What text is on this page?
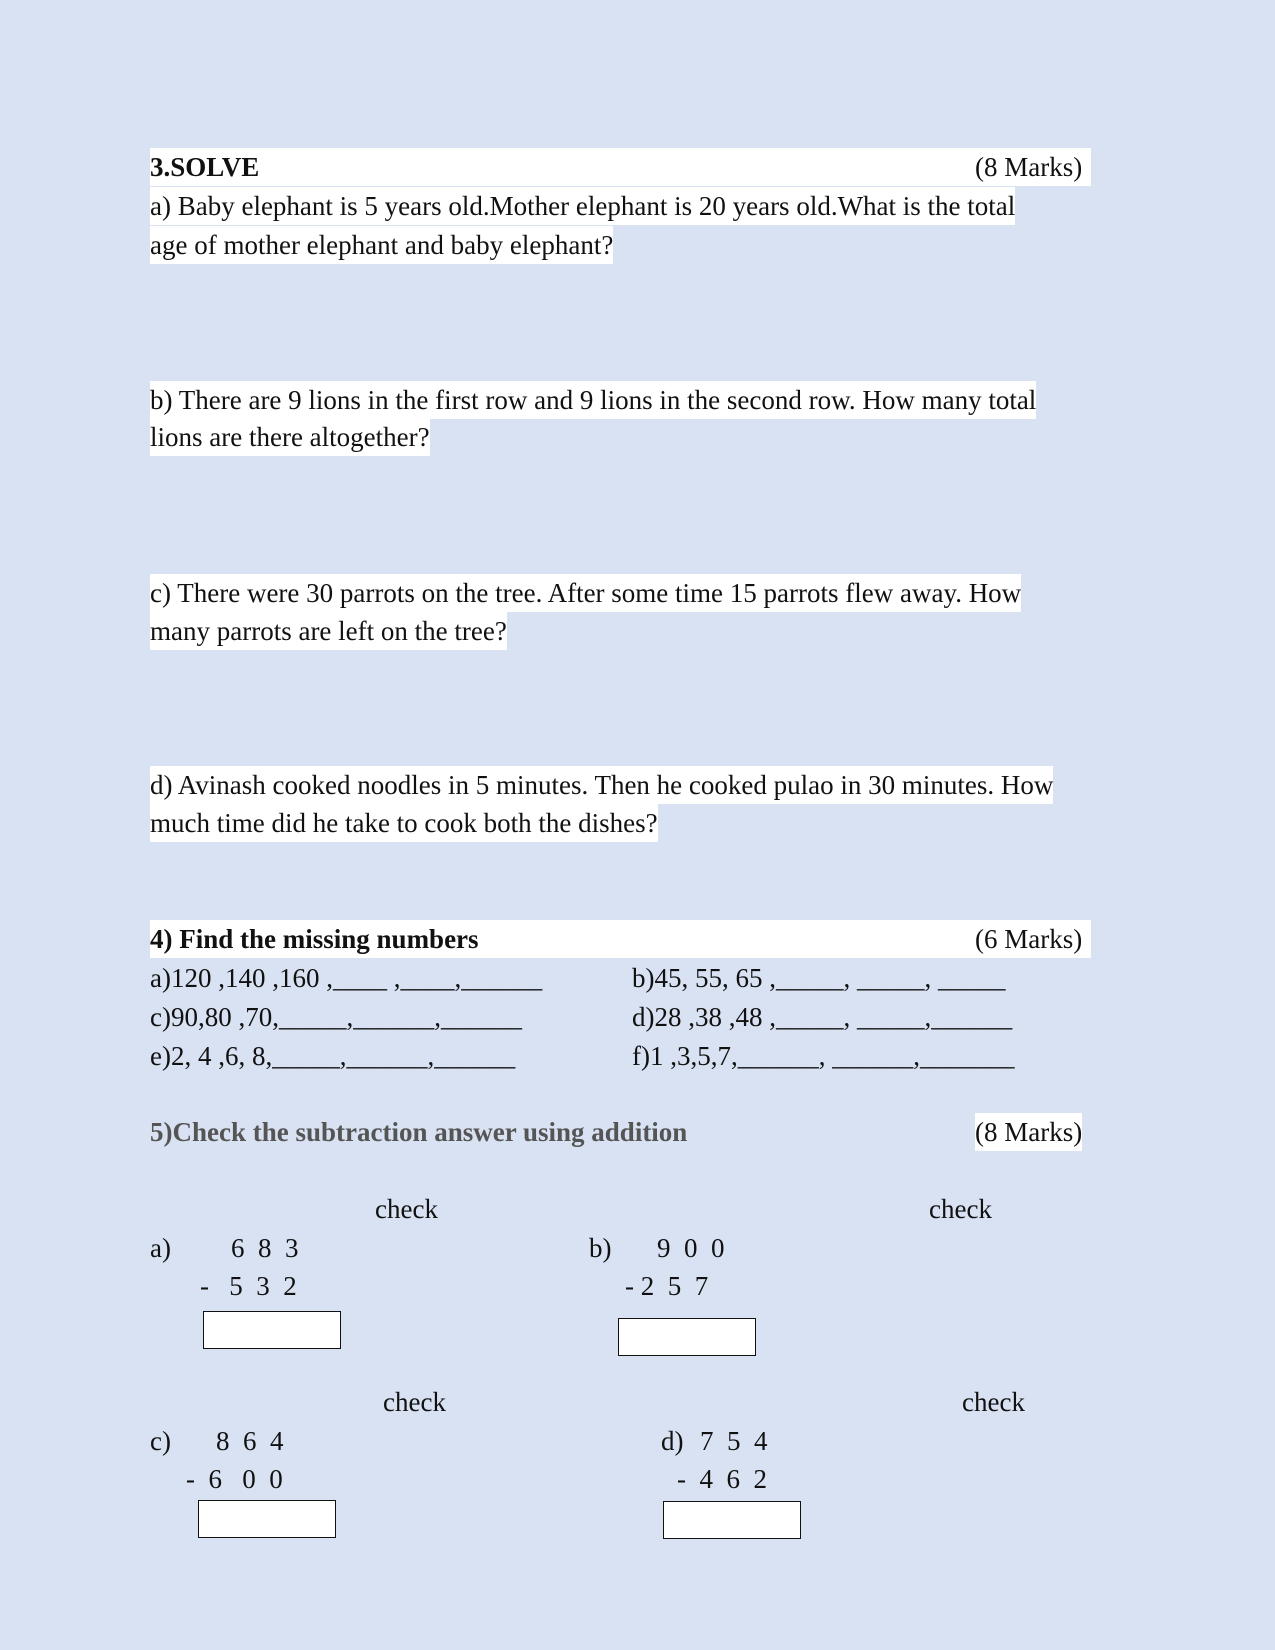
3.SOLVE	(8 Marks)
a) Baby elephant is 5 years old.Mother elephant is 20 years old.What is the total
age of mother elephant and baby elephant?
b) There are 9 lions in the first row and 9 lions in the second row. How many total
lions are there altogether?
c) There were 30 parrots on the tree. After some time 15 parrots flew away. How
many parrots are left on the tree?
d) Avinash cooked noodles in 5 minutes. Then he cooked pulao in 30 minutes. How
much time did he take to cook both the dishes?
4) Find the missing numbers	(6 Marks)
a)120 ,140 ,160 ,____ ,____,______	b)45, 55, 65 ,_____, _____, _____
c)90,80 ,70,_____,______,______	d)28 ,38 ,48 ,_____, _____,______
e)2, 4 ,6, 8,_____,______,______	f)1 ,3,5,7,______, ______,_______
5)Check the subtraction answer using addition	(8 Marks)
check	check
check	check
a) 6  8  3
-   5  3  2
b) 9  0  0
- 2  5  7
c) 8  6  4
-  6   0  0
d) 7  5  4
-  4  6  2
